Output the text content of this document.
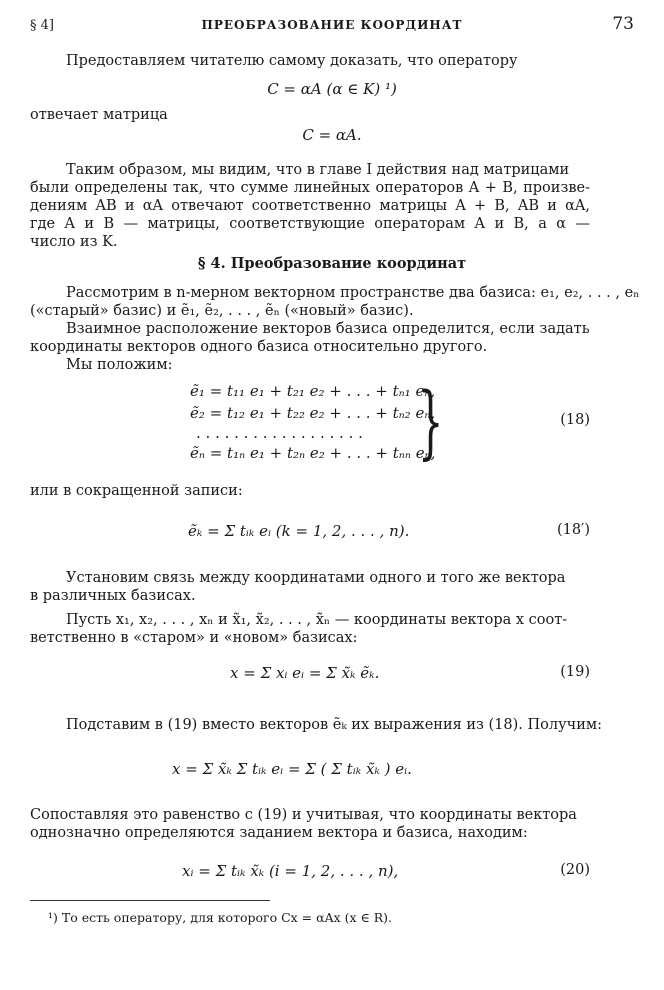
§ 4]	ПРЕОБРАЗОВАНИЕ КООРДИНАТ	73
Предоставляем читателю самому доказать, что оператору
C = αA (α ∈ K) ¹)
отвечает матрица
C = αA.
Таким образом, мы видим, что в главе I действия над матрицами
были определены так, что сумме линейных операторов A + B, произве-
дениям AB и αA отвечают соответственно матрицы A + B, AB и αA,
где A и B — матрицы, соответствующие операторам A и B, а α —
число из K.
§ 4. Преобразование координат
Рассмотрим в n-мерном векторном пространстве два базиса: e₁, e₂, . . . , eₙ
(«старый» базис) и ẽ₁, ẽ₂, . . . , ẽₙ («новый» базис).
Взаимное расположение векторов базиса определится, если задать
координаты векторов одного базиса относительно другого.
Мы положим:
ẽ₁ = t₁₁ e₁ + t₂₁ e₂ + . . . + tₙ₁ eₙ,
ẽ₂ = t₁₂ e₁ + t₂₂ e₂ + . . . + tₙ₂ eₙ,
. . . . . . . . . . . . . . . . . .
ẽₙ = t₁ₙ e₁ + t₂ₙ e₂ + . . . + tₙₙ eₙ,
}	(18)
или в сокращенной записи:
ẽₖ = Σ tᵢₖ eᵢ (k = 1, 2, . . . , n).	(18′)
Установим связь между координатами одного и того же вектора
в различных базисах.
Пусть x₁, x₂, . . . , xₙ и x̃₁, x̃₂, . . . , x̃ₙ — координаты вектора x соот-
ветственно в «старом» и «новом» базисах:
x = Σ xᵢ eᵢ = Σ x̃ₖ ẽₖ.	(19)
Подставим в (19) вместо векторов ẽₖ их выражения из (18). Получим:
x = Σ x̃ₖ Σ tᵢₖ eᵢ = Σ ( Σ tᵢₖ x̃ₖ ) eᵢ.
Сопоставляя это равенство с (19) и учитывая, что координаты вектора
однозначно определяются заданием вектора и базиса, находим:
xᵢ = Σ tᵢₖ x̃ₖ (i = 1, 2, . . . , n),	(20)
¹) То есть оператору, для которого Cx = αAx (x ∈ R).
